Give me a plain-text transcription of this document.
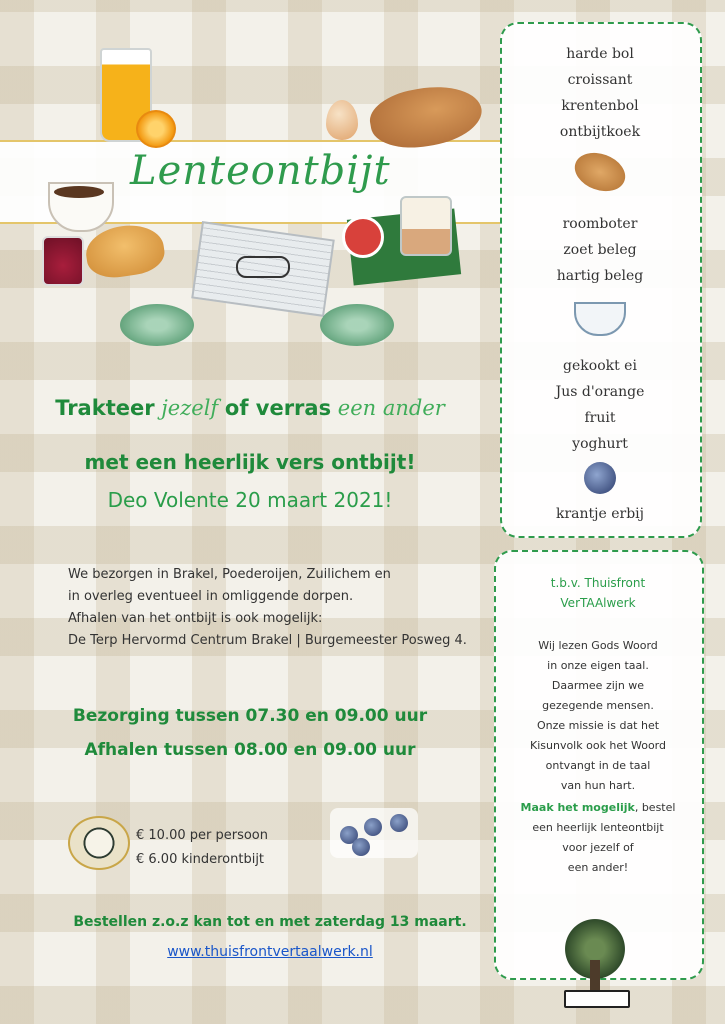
Lenteontbijt
Trakteer jezelf of verras een ander
met een heerlijk vers ontbijt!
Deo Volente 20 maart 2021!
We bezorgen in Brakel, Poederoijen, Zuilichem en
in overleg eventueel in omliggende dorpen.
Afhalen van het ontbijt is ook mogelijk:
De Terp Hervormd Centrum Brakel | Burgemeester Posweg 4.
Bezorging tussen 07.30 en 09.00 uur
Afhalen tussen 08.00 en 09.00 uur
€ 10.00 per persoon
€ 6.00 kinderontbijt
Bestellen z.o.z kan tot en met zaterdag 13 maart.
www.thuisfrontvertaalwerk.nl
harde bol
croissant
krentenbol
ontbijtkoek
roomboter
zoet beleg
hartig beleg
gekookt ei
Jus d'orange
fruit
yoghurt
krantje erbij
t.b.v. Thuisfront
VerTAAlwerk
Wij lezen Gods Woord
in onze eigen taal.
Daarmee zijn we
gezegende mensen.
Onze missie is dat het
Kisunvolk ook het Woord
ontvangt in de taal
van hun hart.
Maak het mogelijk, bestel
een heerlijk lenteontbijt
voor jezelf of
een ander!
